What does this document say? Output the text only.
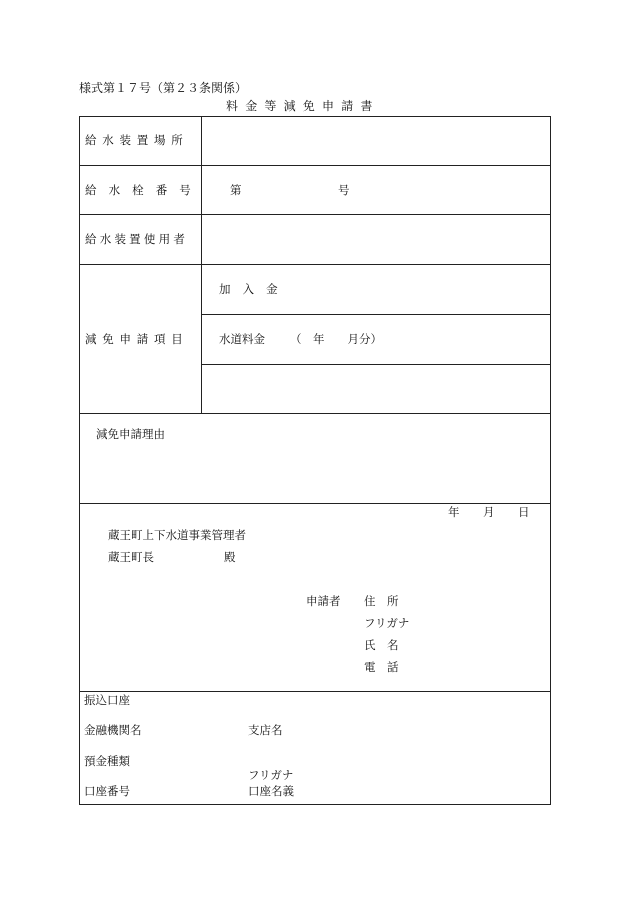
様式第１７号（第２３条関係）
料金等減免申請書
給水装置場所
給水栓番号 第	号
給水装置使用者
減免申請項目
加入金
水道料金 （　年　　月分）
減免申請理由
年 月 日
蔵王町上下水道事業管理者
蔵王町長	殿
申請者 住　所
フリガナ
氏　名
電　話
振込口座
金融機関名	支店名
預金種類
フリガナ
口座番号	口座名義
